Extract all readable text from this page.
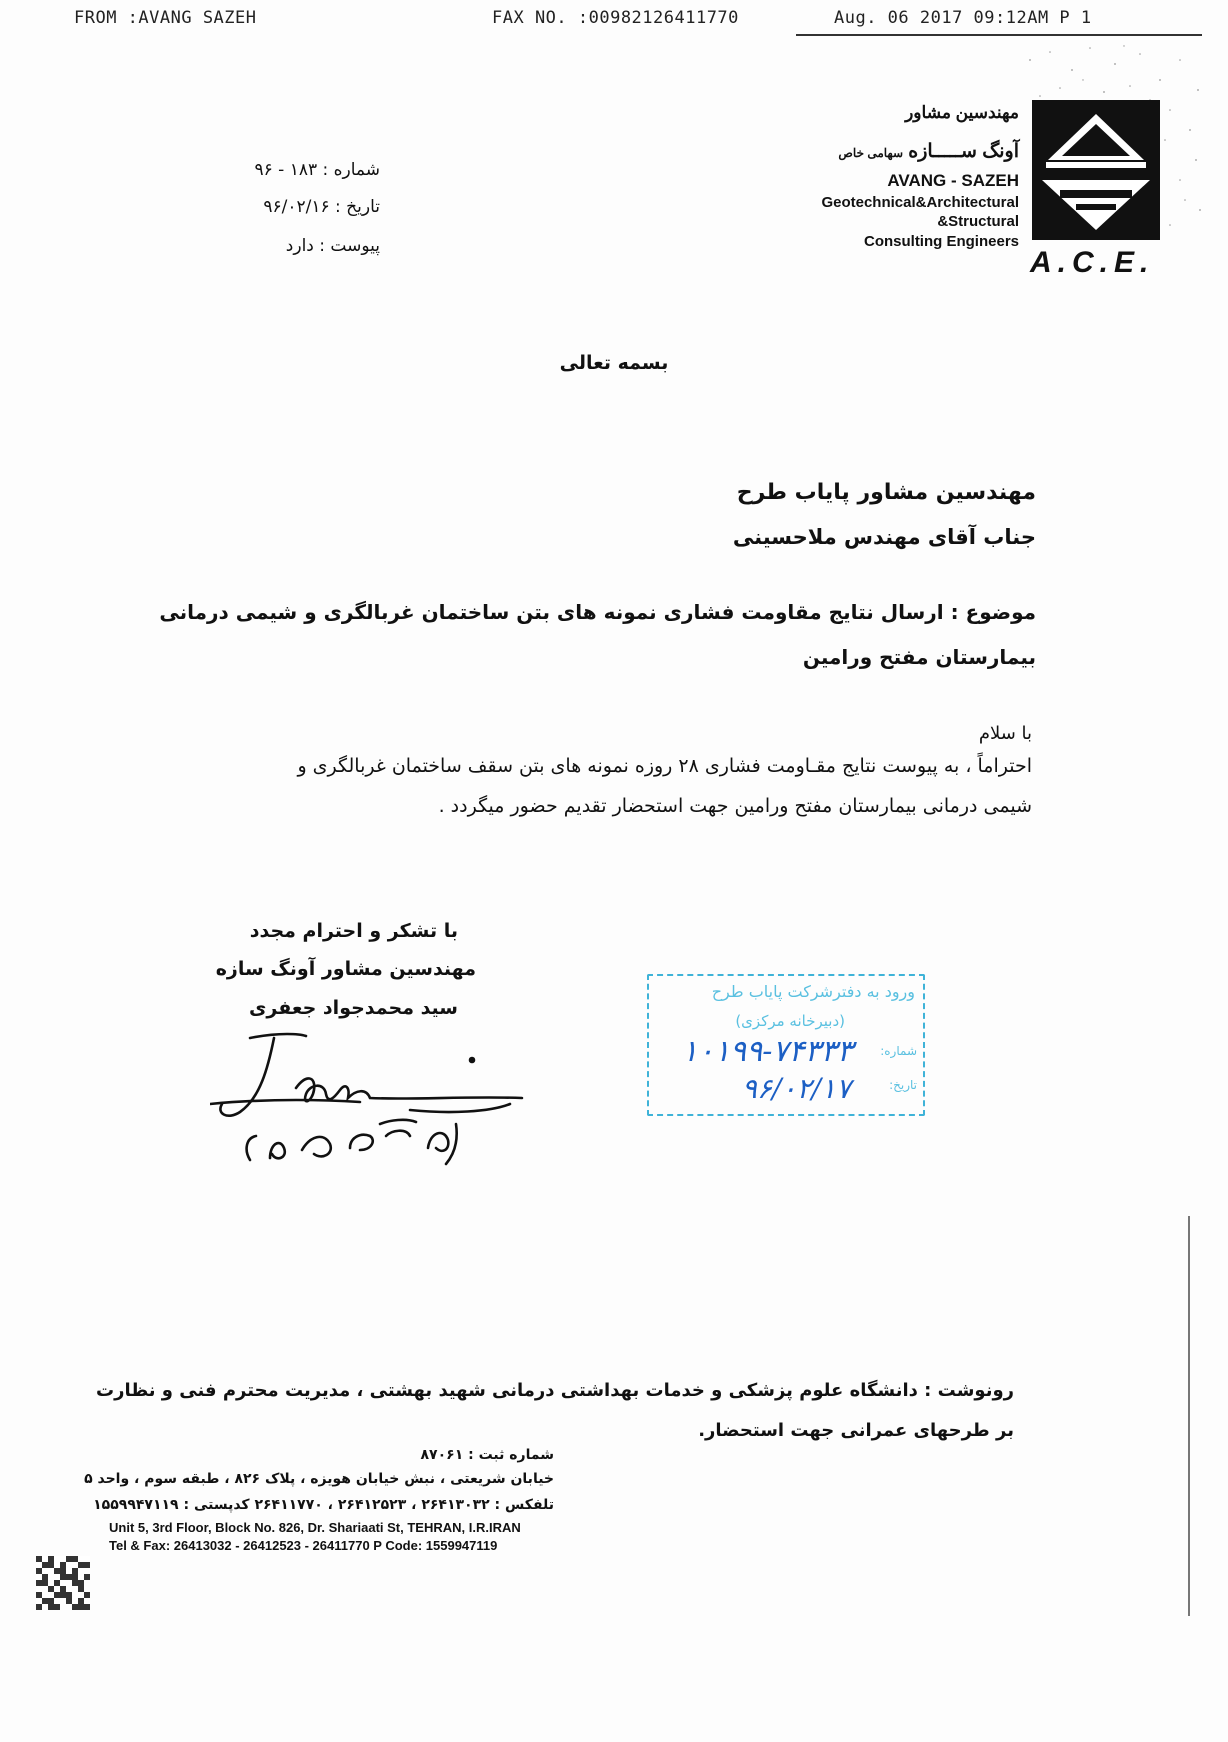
FROM :AVANG SAZEH	FAX NO. :00982126411770	Aug. 06 2017 09:12AM P 1
A.C.E.
مهندسین مشاور
آونگ ســـــازه سهامی خاص
AVANG - SAZEH
Geotechnical&Architectural
&Structural
Consulting Engineers
شماره : ۱۸۳ - ۹۶
تاریخ : ۹۶/۰۲/۱۶
پیوست : دارد
بسمه تعالی
مهندسین مشاور پایاب طرح
جناب آقای مهندس ملاحسینی
موضوع : ارسال نتایج مقاومت فشاری نمونه های بتن ساختمان غربالگری و شیمی درمانی
بیمارستان مفتح ورامین
با سلام
احتراماً ، به پیوست نتایج مقـاومت فشاری ۲۸ روزه نمونه های بتن سقف ساختمان غربالگری و
شیمی درمانی بیمارستان مفتح ورامین جهت استحضار تقدیم حضور میگردد .
با تشکر و احترام مجدد
مهندسین مشاور آونگ سازه
سید محمدجواد جعفری
ورود به دفترشرکت پایاب طرح
(دبیرخانه مرکزی)
شماره:
۱۰۱۹۹-۷۴۳۳۳
تاریخ:
۹۶/۰۲/۱۷
رونوشت : دانشگاه علوم پزشکی و خدمات بهداشتی درمانی شهید بهشتی ، مدیریت محترم فنی و نظارت
بر طرحهای عمرانی جهت استحضار.
شماره ثبت : ۸۷۰۶۱
خیابان شریعتی ، نبش خیابان هویزه ، پلاک ۸۲۶ ، طبقه سوم ، واحد ۵
تلفکس : ۲۶۴۱۳۰۳۲ ، ۲۶۴۱۲۵۲۳ ، ۲۶۴۱۱۷۷۰ کدپستی : ۱۵۵۹۹۴۷۱۱۹
Unit 5, 3rd Floor, Block No. 826, Dr. Shariaati St, TEHRAN, I.R.IRAN
Tel & Fax: 26413032 - 26412523 - 26411770 P Code: 1559947119
